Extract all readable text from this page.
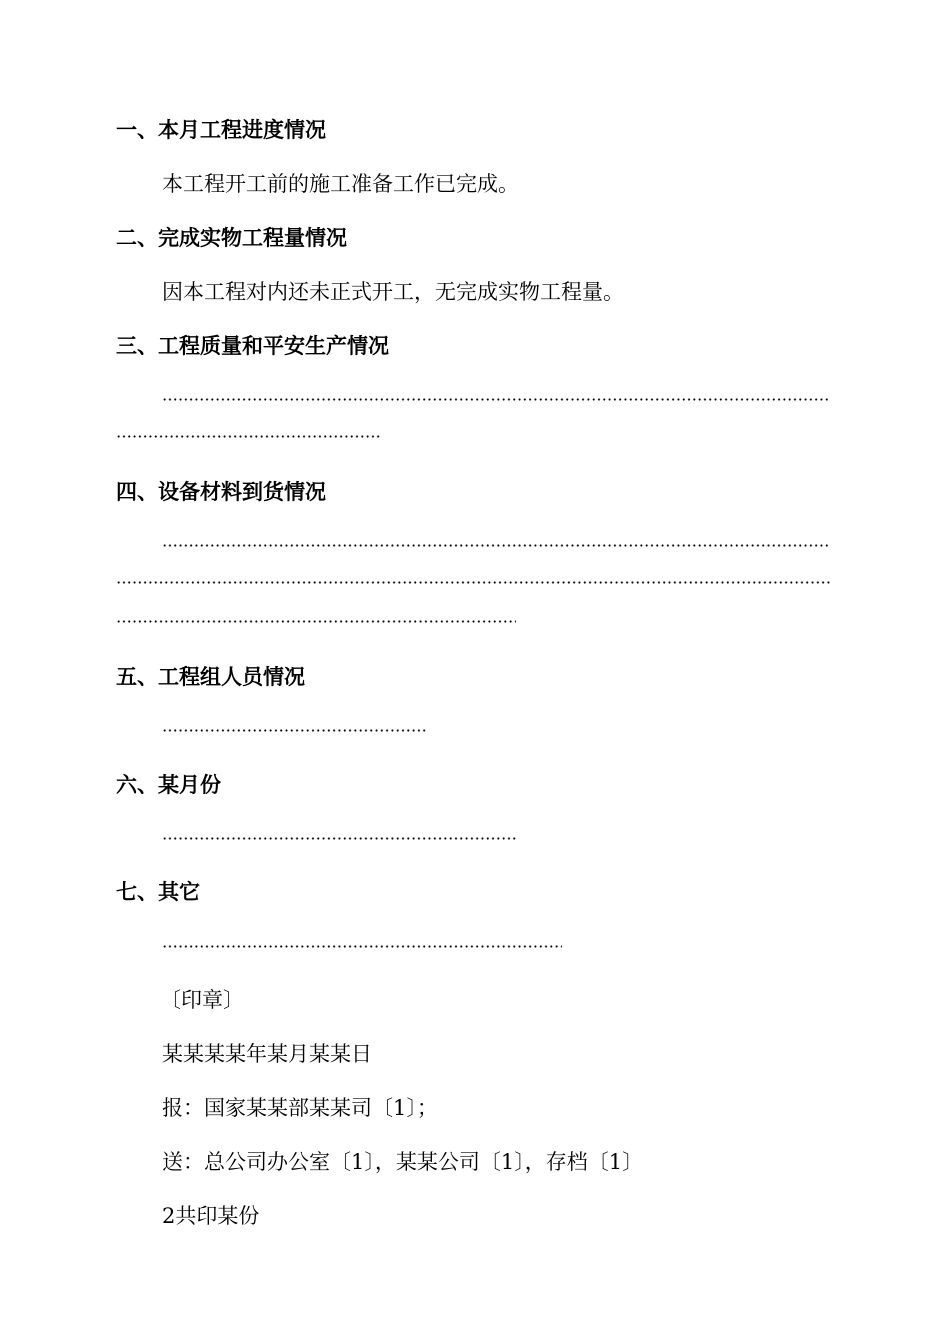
一、本月工程进度情况
本工程开工前的施工准备工作已完成。
二、完成实物工程量情况
因本工程对内还未正式开工，无完成实物工程量。
三、工程质量和平安生产情况
四、设备材料到货情况
五、工程组人员情况
六、某月份
七、其它
〔印章〕
某某某某年某月某某日
报：国家某某部某某司〔1〕；
送：总公司办公室〔1〕，某某公司〔1〕，存档〔1〕
2共印某份
